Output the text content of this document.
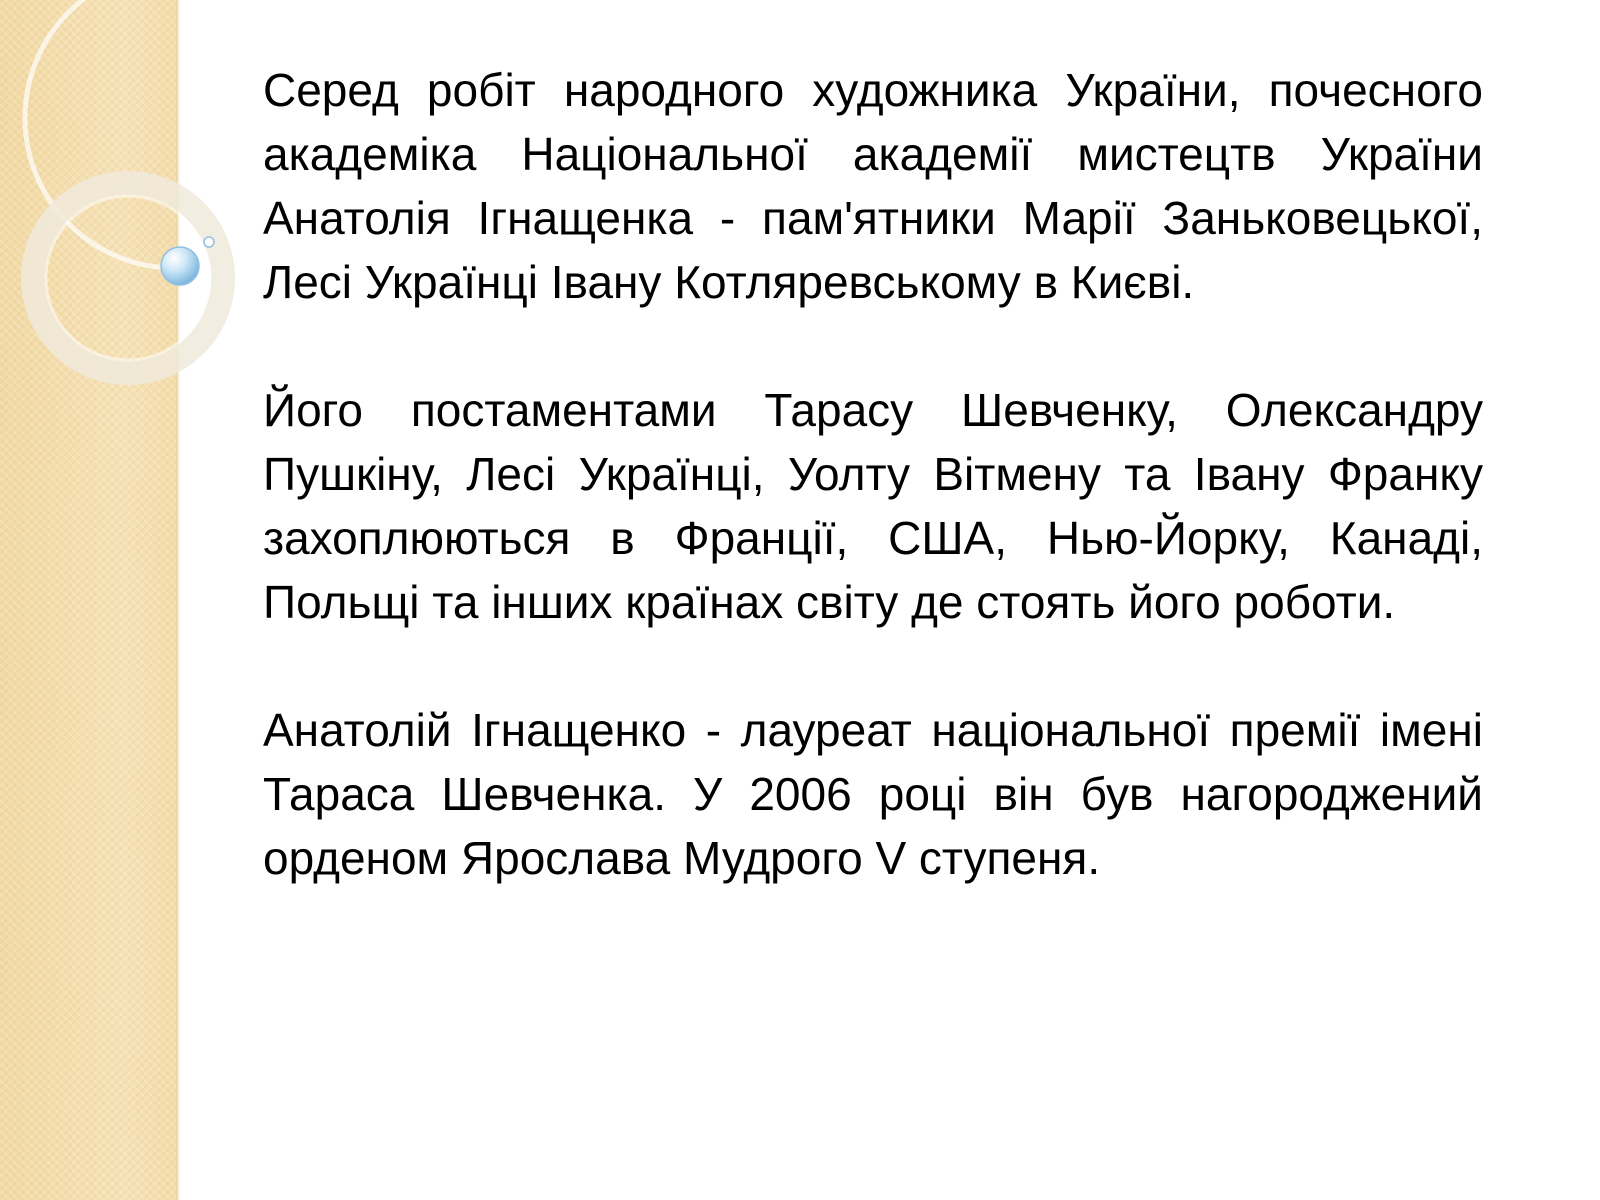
Серед робіт народного художника України, почесного академіка Національної академії мистецтв України Анатолія Ігнащенка - пам'ятники Марії Заньковецької, Лесі Українці Івану Котляревському в Києві.

Його постаментами Тарасу Шевченку, Олександру Пушкіну, Лесі Українці, Уолту Вітмену та Івану Франку захоплюються в Франції, США, Нью-Йорку, Канаді, Польщі та інших країнах світу де стоять його роботи.

Анатолій Ігнащенко - лауреат національної премії імені Тараса Шевченка. У 2006 році він був нагороджений орденом Ярослава Мудрого V ступеня.
